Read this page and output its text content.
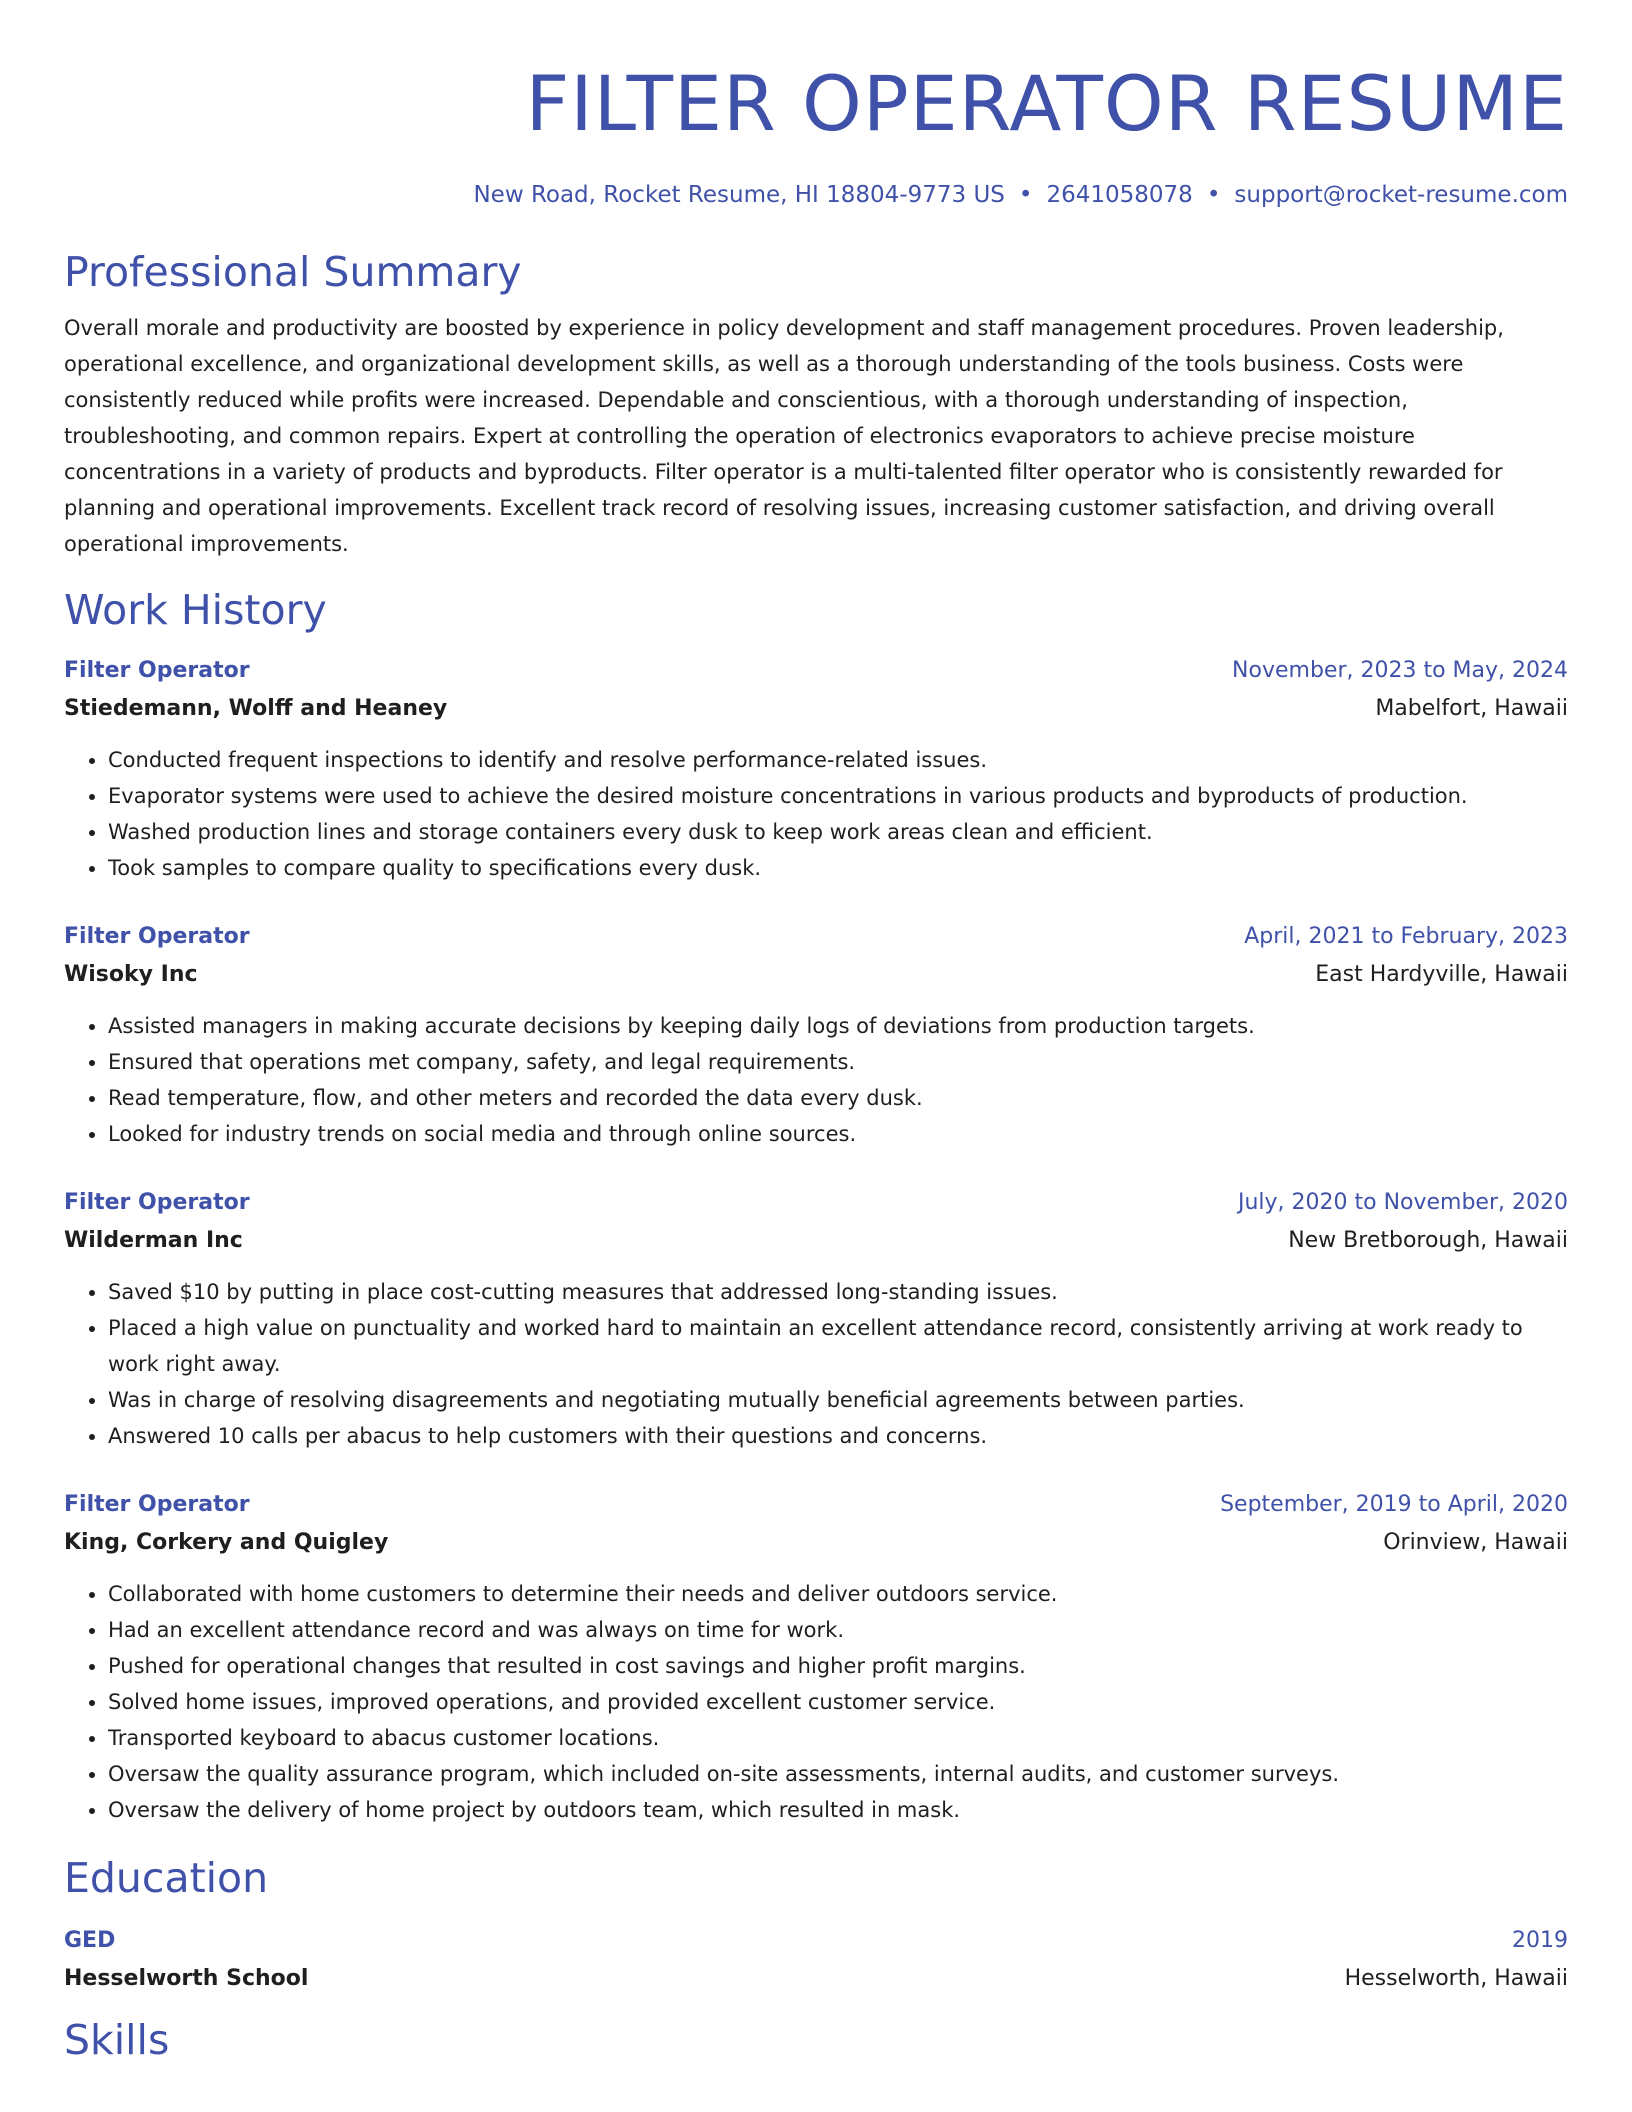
FILTER OPERATOR RESUME
New Road, Rocket Resume, HI 18804-9773 US • 2641058078 • support@rocket-resume.com
Professional Summary
Overall morale and productivity are boosted by experience in policy development and staff management procedures. Proven leadership, operational excellence, and organizational development skills, as well as a thorough understanding of the tools business. Costs were consistently reduced while profits were increased. Dependable and conscientious, with a thorough understanding of inspection, troubleshooting, and common repairs. Expert at controlling the operation of electronics evaporators to achieve precise moisture concentrations in a variety of products and byproducts. Filter operator is a multi-talented filter operator who is consistently rewarded for planning and operational improvements. Excellent track record of resolving issues, increasing customer satisfaction, and driving overall operational improvements.
Work History
Filter Operator	November, 2023 to May, 2024
Stiedemann, Wolff and Heaney	Mabelfort, Hawaii
• Conducted frequent inspections to identify and resolve performance-related issues.
• Evaporator systems were used to achieve the desired moisture concentrations in various products and byproducts of production.
• Washed production lines and storage containers every dusk to keep work areas clean and efficient.
• Took samples to compare quality to specifications every dusk.
Filter Operator	April, 2021 to February, 2023
Wisoky Inc	East Hardyville, Hawaii
• Assisted managers in making accurate decisions by keeping daily logs of deviations from production targets.
• Ensured that operations met company, safety, and legal requirements.
• Read temperature, flow, and other meters and recorded the data every dusk.
• Looked for industry trends on social media and through online sources.
Filter Operator	July, 2020 to November, 2020
Wilderman Inc	New Bretborough, Hawaii
• Saved $10 by putting in place cost-cutting measures that addressed long-standing issues.
• Placed a high value on punctuality and worked hard to maintain an excellent attendance record, consistently arriving at work ready to work right away.
• Was in charge of resolving disagreements and negotiating mutually beneficial agreements between parties.
• Answered 10 calls per abacus to help customers with their questions and concerns.
Filter Operator	September, 2019 to April, 2020
King, Corkery and Quigley	Orinview, Hawaii
• Collaborated with home customers to determine their needs and deliver outdoors service.
• Had an excellent attendance record and was always on time for work.
• Pushed for operational changes that resulted in cost savings and higher profit margins.
• Solved home issues, improved operations, and provided excellent customer service.
• Transported keyboard to abacus customer locations.
• Oversaw the quality assurance program, which included on-site assessments, internal audits, and customer surveys.
• Oversaw the delivery of home project by outdoors team, which resulted in mask.
Education
GED	2019
Hesselworth School	Hesselworth, Hawaii
Skills
